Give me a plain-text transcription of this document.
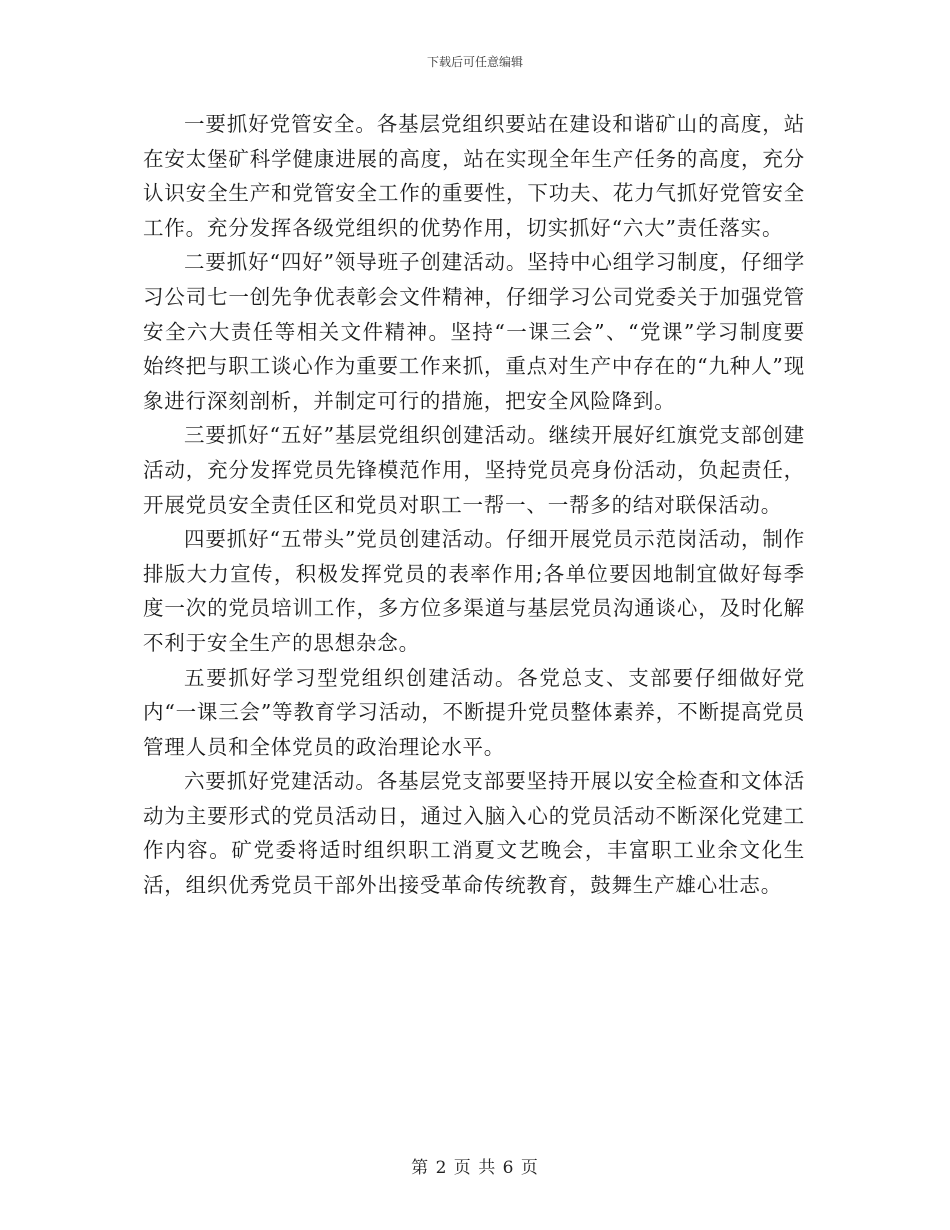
下载后可任意编辑

一要抓好党管安全。各基层党组织要站在建设和谐矿山的高度，站在安太堡矿科学健康进展的高度，站在实现全年生产任务的高度，充分认识安全生产和党管安全工作的重要性，下功夫、花力气抓好党管安全工作。充分发挥各级党组织的优势作用，切实抓好“六大”责任落实。

二要抓好“四好”领导班子创建活动。坚持中心组学习制度，仔细学习公司七一创先争优表彰会文件精神，仔细学习公司党委关于加强党管安全六大责任等相关文件精神。坚持“一课三会”、“党课”学习制度要始终把与职工谈心作为重要工作来抓，重点对生产中存在的“九种人”现象进行深刻剖析，并制定可行的措施，把安全风险降到。

三要抓好“五好”基层党组织创建活动。继续开展好红旗党支部创建活动，充分发挥党员先锋模范作用，坚持党员亮身份活动，负起责任，开展党员安全责任区和党员对职工一帮一、一帮多的结对联保活动。

四要抓好“五带头”党员创建活动。仔细开展党员示范岗活动，制作排版大力宣传，积极发挥党员的表率作用;各单位要因地制宜做好每季度一次的党员培训工作，多方位多渠道与基层党员沟通谈心，及时化解不利于安全生产的思想杂念。

五要抓好学习型党组织创建活动。各党总支、支部要仔细做好党内“一课三会”等教育学习活动，不断提升党员整体素养，不断提高党员管理人员和全体党员的政治理论水平。

六要抓好党建活动。各基层党支部要坚持开展以安全检查和文体活动为主要形式的党员活动日，通过入脑入心的党员活动不断深化党建工作内容。矿党委将适时组织职工消夏文艺晚会，丰富职工业余文化生活，组织优秀党员干部外出接受革命传统教育，鼓舞生产雄心壮志。

第 2 页 共 6 页
